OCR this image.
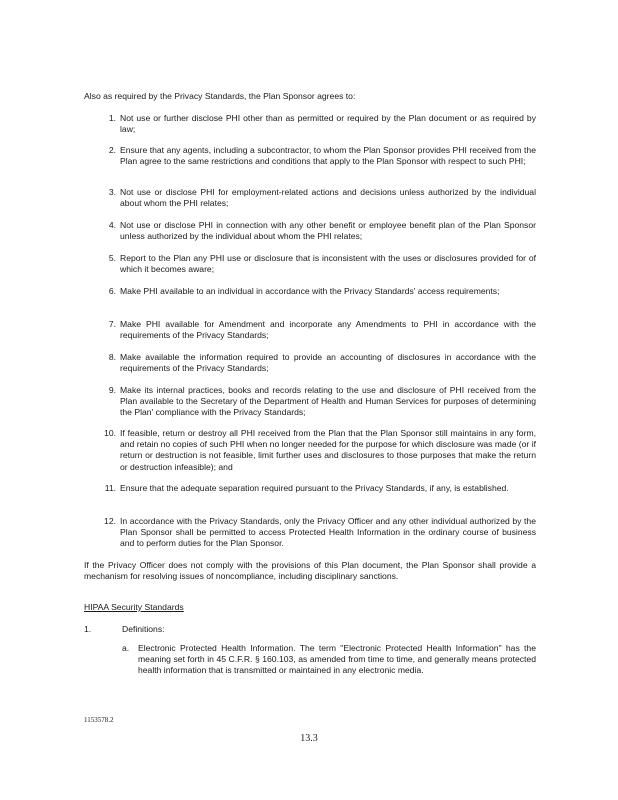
Also as required by the Privacy Standards, the Plan Sponsor agrees to:
1. Not use or further disclose PHI other than as permitted or required by the Plan document or as required by law;
2. Ensure that any agents, including a subcontractor, to whom the Plan Sponsor provides PHI received from the Plan agree to the same restrictions and conditions that apply to the Plan Sponsor with respect to such PHI;
3. Not use or disclose PHI for employment-related actions and decisions unless authorized by the individual about whom the PHI relates;
4. Not use or disclose PHI in connection with any other benefit or employee benefit plan of the Plan Sponsor unless authorized by the individual about whom the PHI relates;
5. Report to the Plan any PHI use or disclosure that is inconsistent with the uses or disclosures provided for of which it becomes aware;
6. Make PHI available to an individual in accordance with the Privacy Standards' access requirements;
7. Make PHI available for Amendment and incorporate any Amendments to PHI in accordance with the requirements of the Privacy Standards;
8. Make available the information required to provide an accounting of disclosures in accordance with the requirements of the Privacy Standards;
9. Make its internal practices, books and records relating to the use and disclosure of PHI received from the Plan available to the Secretary of the Department of Health and Human Services for purposes of determining the Plan' compliance with the Privacy Standards;
10. If feasible, return or destroy all PHI received from the Plan that the Plan Sponsor still maintains in any form, and retain no copies of such PHI when no longer needed for the purpose for which disclosure was made (or if return or destruction is not feasible, limit further uses and disclosures to those purposes that make the return or destruction infeasible); and
11. Ensure that the adequate separation required pursuant to the Privacy Standards, if any, is established.
12. In accordance with the Privacy Standards, only the Privacy Officer and any other individual authorized by the Plan Sponsor shall be permitted to access Protected Health Information in the ordinary course of business and to perform duties for the Plan Sponsor.
If the Privacy Officer does not comply with the provisions of this Plan document, the Plan Sponsor shall provide a mechanism for resolving issues of noncompliance, including disciplinary sanctions.
HIPAA Security Standards
1.	Definitions:
a. Electronic Protected Health Information. The term "Electronic Protected Health Information" has the meaning set forth in 45 C.F.R. § 160.103, as amended from time to time, and generally means protected health information that is transmitted or maintained in any electronic media.
1153578.2
13.3
